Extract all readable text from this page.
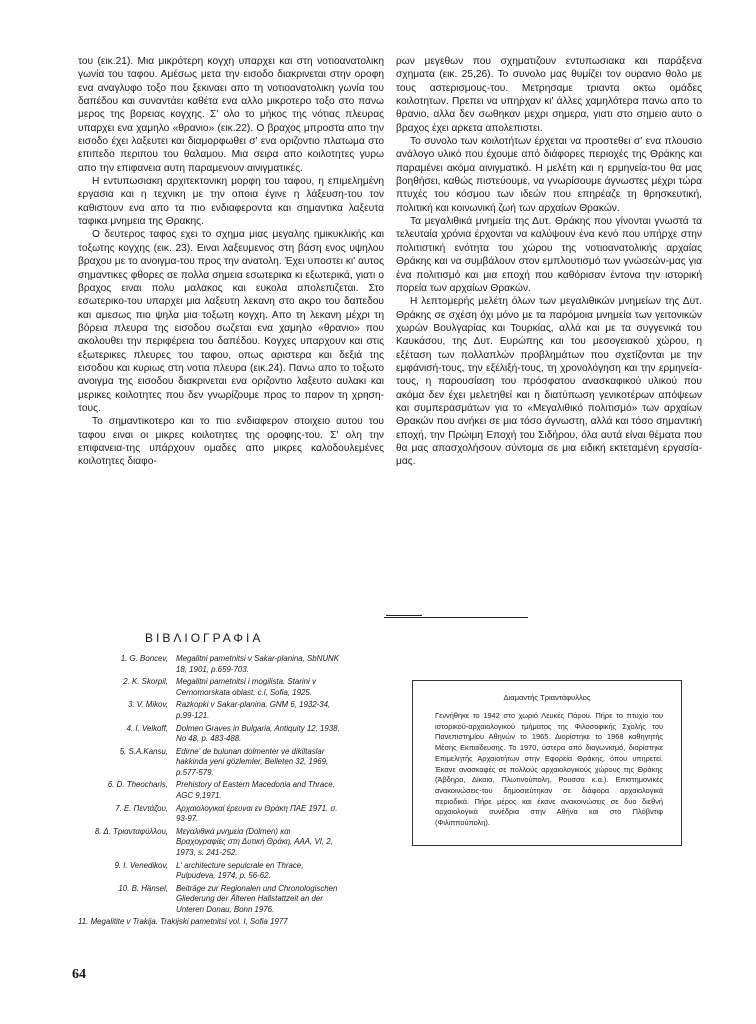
του (εικ.21). Μια μικρότερη κογχη υπαρχει και στη νοτιοανατολικη γωνία του ταφου. Αμέσως μετα την εισοδο διακρινεται στην οροφη ενα αναγλυφο τοξο που ξεκιναει απο τη νοτιοανατολικη γωνία του δαπέδου και συναντάει καθέτα ενα αλλο μικροτερο τοξο στο πανω μερος της βορειας κογχης. Σ' ολο το μήκος της νότιας πλευρας υπαρχει ενα χαμηλο «θρανιο» (εικ.22). Ο βραχος μπροστα απο την εισοδο έχει λαξευτει και διαμορφωθει σ' ενα οριζοντιο πλατωμα στο επιπεδο περιπου του θαλαμου. Μια σειρα απο κοιλοτητες γυρω απο την επιφανεια αυτη παραμενουν αινιγματικές.

Η εντυπωσιακη αρχιτεκτονικη μορφη του ταφου, η επιμελημένη εργασια και η τεχνικη με την οποια έγινε η λάξευση-του τον καθιστουν ενα απο τα πιο ενδιαφεροντα και σημαντικα λαξευτα ταφικα μνημεια της Θρακης.

Ο δευτερος ταφος εχει το σχημα μιας μεγαλης ημικυκλικής και τοξωτης κογχης (εικ. 23). Ειναι λαξευμενος στη βάση ενος υψηλου βραχου με το ανοιγμα-του προς την ανατολη. Έχει υποστει κι' αυτος σημαντικες φθορες σε πολλα σημεια εσωτερικα κι εξωτερικά, γιατι ο βραχος ειναι πολυ μαλακος και ευκολα απολεπιζεται. Στο εσωτερικο-του υπαρχει μια λαξευτη λεκανη στο ακρο του δαπεδου και αμεσως πιο ψηλα μια τοξωτη κογχη. Απο τη λεκανη μέχρι τη βόρεια πλευρα της εισοδου σωζεται ενα χαμηλο «θρανιο» που ακολουθει την περιφέρεια του δαπέδου. Κογχες υπαρχουν και στις εξωτερικες πλευρες του ταφου, οπως αριστερα και δεξιά της εισοδου και κυριως στη νοτια πλευρα (εικ.24). Πανω απο το τοξωτο ανοιγμα της εισοδου διακρινεται ενα οριζοντιο λαξευτο αυλακι και μερικες κοιλοτητες που δεν γνωρίζουμε προς το παρον τη χρηση-τους.

Το σημαντικοτερο και το πιο ενδιαφερον στοιχειο αυτου του ταφου ειναι οι μικρες κοιλοτητες της οροφης-του. Σ' ολη την επιφανεια-της υπάρχουν ομαδες απο μικρες καλοδουλεμένες κοιλοτητες διαφο-

ρων μεγεθων που σχηματιζουν εντυπωσιακα και παράξενα σχηματα (εικ. 25,26). Το συνολο μας θυμίζει τον ουρανιο θολο με τους αστερισμους-του. Μετρησαμε τριαντα οκτω ομάδες κοιλοτητων. Πρεπει να υπηρχαν κι' άλλες χαμηλότερα πανω απο το θρανιο, αλλα δεν σωθηκαν μεχρι σημερα, γιατι στο σημειο αυτο ο βραχος έχει αρκετα απολεπιστει.

Το συνολο των κοιλοτήτων έρχεται να προστεθει σ' ενα πλουσιο ανάλογο υλικό που έχουμε από διάφορες περιοχές της Θράκης και παραμένει ακόμα αινιγματικό. Η μελέτη και η ερμηνεία-του θα μας βοηθήσει, καθώς πιστεύουμε, να γνωρίσουμε άγνωστες μέχρι τώρα πτυχές του κόσμου των ιδεών που επηρέαζε τη θρησκευτική, πολιτική και κοινωνική ζωή των αρχαίων Θρακών.

Τα μεγαλιθικά μνημεία της Δυτ. Θράκης που γίνονται γνωστά τα τελευταία χρόνια έρχονται να καλύψουν ένα κενό που υπήρχε στην πολιτιστική ενότητα του χώρου της νοτιοανατολικής αρχαίας Θράκης και να συμβάλουν στον εμπλουτισμό των γνώσεών-μας για ένα πολιτισμό και μια εποχή που καθόρισαν έντονα την ιστορική πορεία των αρχαίων Θρακών.

Η λεπτομερής μελέτη όλων των μεγαλιθικών μνημείων της Δυτ. Θράκης σε σχέση όχι μόνο με τα παρόμοια μνημεία των γειτονικών χωρών Βουλγαρίας και Τουρκίας, αλλά και με τα συγγενικά του Καυκάσου, της Δυτ. Ευρώπης και του μεσογειακού χώρου, η εξέταση των πολλαπλών προβλημάτων που σχετίζονται με την εμφάνισή-τους, την εξέλιξή-τους, τη χρονολόγηση και την ερμηνεία-τους, η παρουσίαση του πρόσφατου ανασκαφικού υλικού που ακόμα δεν έχει μελετηθεί και η διατύπωση γενικοτέρων απόψεων και συμπερασμάτων για το «Μεγαλιθικό πολιτισμό» των αρχαίων Θρακών που ανήκει σε μια τόσο άγνωστη, αλλά και τόσο σημαντική εποχή, την Πρώιμη Εποχή του Σιδήρου, όλα αυτά είναι θέματα που θα μας απασχολήσουν σύντομα σε μια ειδική εκτεταμένη εργασία-μας.

ΒΙΒΛΙΟΓΡΑΦΙΑ
1. G. Boncev,	Megalitni pametnitsi v Sakar-planina, SbNUNK 18, 1901, p.659-703.
2. K. Skorpil,	Megalitni pametnitsi i mogilista. Starini v Cernomorskata oblast, c.l, Sofia, 1925.
3. V. Mikov,	Razkopki v Sakar-planina, GNM 6, 1932-34, p.99-121.
4. I. Velkoff,	Dolmen Graves in Bulgaria, Antiquity 12, 1938, No 48, p. 483-488.
5. S.A.Kansu,	Edirne' de bulunan dolmenter ve dikiltaslar hakkinda yeni gözlemler, Belleten 32, 1969, p.577-579.
6. D. Theocharis,	Prehistory of Eastern Macedonia and Thrace, AGC 9,1971.
7. Ε. Πεντάζου,	Αρχαιολογικαί έρευναι εν Θράκη ΠΑΕ 1971. σ. 93-97.
8. Δ. Τριανταφύλλου,	Μεγαλιθικά μνημεία (Dolmen) και Βραχογραφίες στη Δυτική Θράκη, ΑΑΑ, VI, 2, 1973, s. 241-252.
9. I. Venedikov,	L' architecture sepulcrale en Thrace, Pulpudeva, 1974, p. 56-62.
10. B. Hänsel,	Beiträge zur Regionalen und Chronologischen Gliederung der Älteren Hallstattzeit an der Unteren Donau, Bonn 1976.
11. Megalitite v Trakija.
Trakijski pametnitsi vol. I, Sofia 1977
Διαμαντής Τριαντάφυλλος
Γεννήθηκε το 1942 στο χωριό Λευκές Πάρου. Πήρε το πτυχίο του ιστορικού-αρχαιολογικού τμήματος της Φιλοσοφικής Σχολής του Πανεπιστημίου Αθηνών το 1965. Διορίστηκε το 1968 καθηγητής Μέσης Εκπαίδευσης. Το 1970, ύστερα από διαγωνισμό, διορίστηκε Επιμελητής Αρχαιοτήτων στην Εφορεία Θράκης, όπου υπηρετεί. Έκανε ανασκαφές σε πολλούς αρχαιολογικούς χώρους της Θράκης (Άβδηρα, Δίκαια, Πλωτινούπολη, Ρουσσα κ.α.). Επιστημονικές ανακοινώσεις-του δημοσιεύτηκαν σε διάφορα αρχαιολογικά περιοδικά. Πήρε μέρος και έκανε ανακοινώσεις σε δυο διεθνή αρχαιολογικά συνέδρια στην Αθήνα και στο Πλόβντιφ (Φιλιππούπολη).
64
